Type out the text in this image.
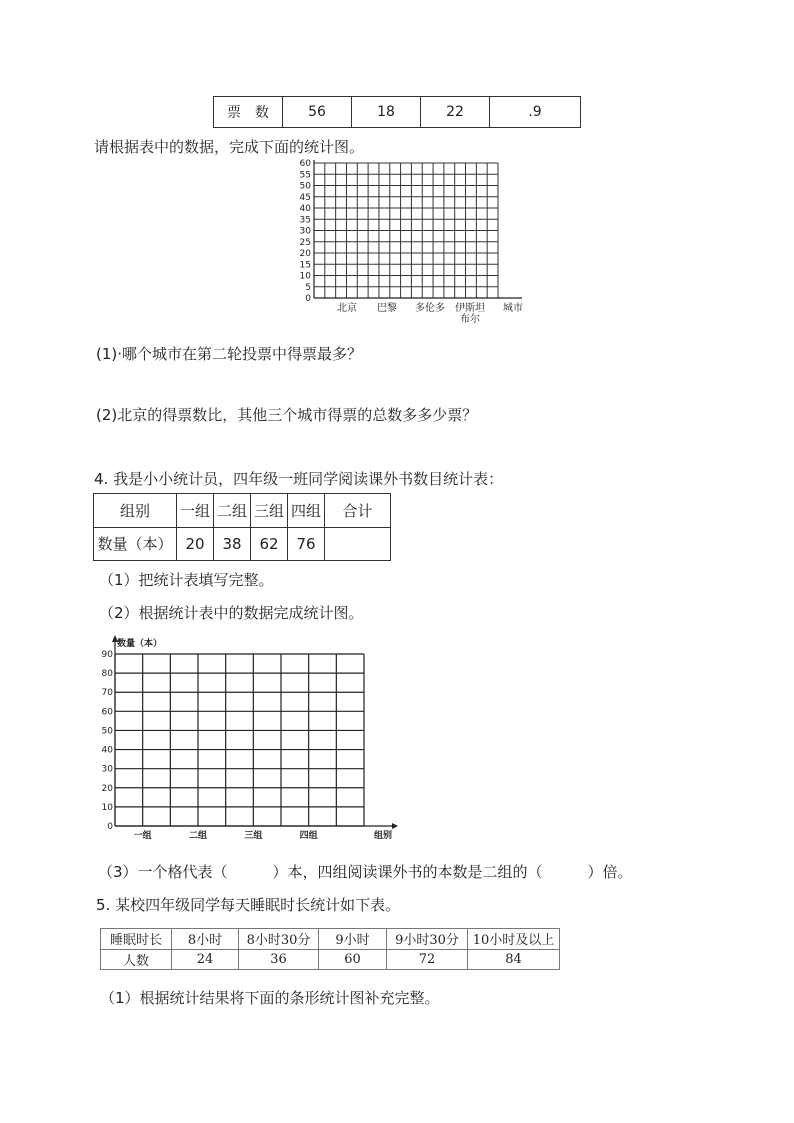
票　数	56	18	22	.9
请根据表中的数据，完成下面的统计图。
0
5
10
15
20
25
30
35
40
45
50
55
60
北京 巴黎 多伦多 伊斯坦
布尔
城市
(1)·哪个城市在第二轮投票中得票最多？
(2)北京的得票数比，其他三个城市得票的总数多多少票？
4. 我是小小统计员，四年级一班同学阅读课外书数目统计表：
组别	一组	二组	三组	四组	合计
数量（本）	20	38	62	76	
（1）把统计表填写完整。
（2）根据统计表中的数据完成统计图。
0
10
20
30
40
50
60
70
80
90
数量（本）
一组	二组	三组	四组	组别
（3）一个格代表（　　　）本，四组阅读课外书的本数是二组的（　　　）倍。
5. 某校四年级同学每天睡眠时长统计如下表。
睡眠时长	8小时	8小时30分	9小时	9小时30分	10小时及以上
人数	24	36	60	72	84
（1）根据统计结果将下面的条形统计图补充完整。
